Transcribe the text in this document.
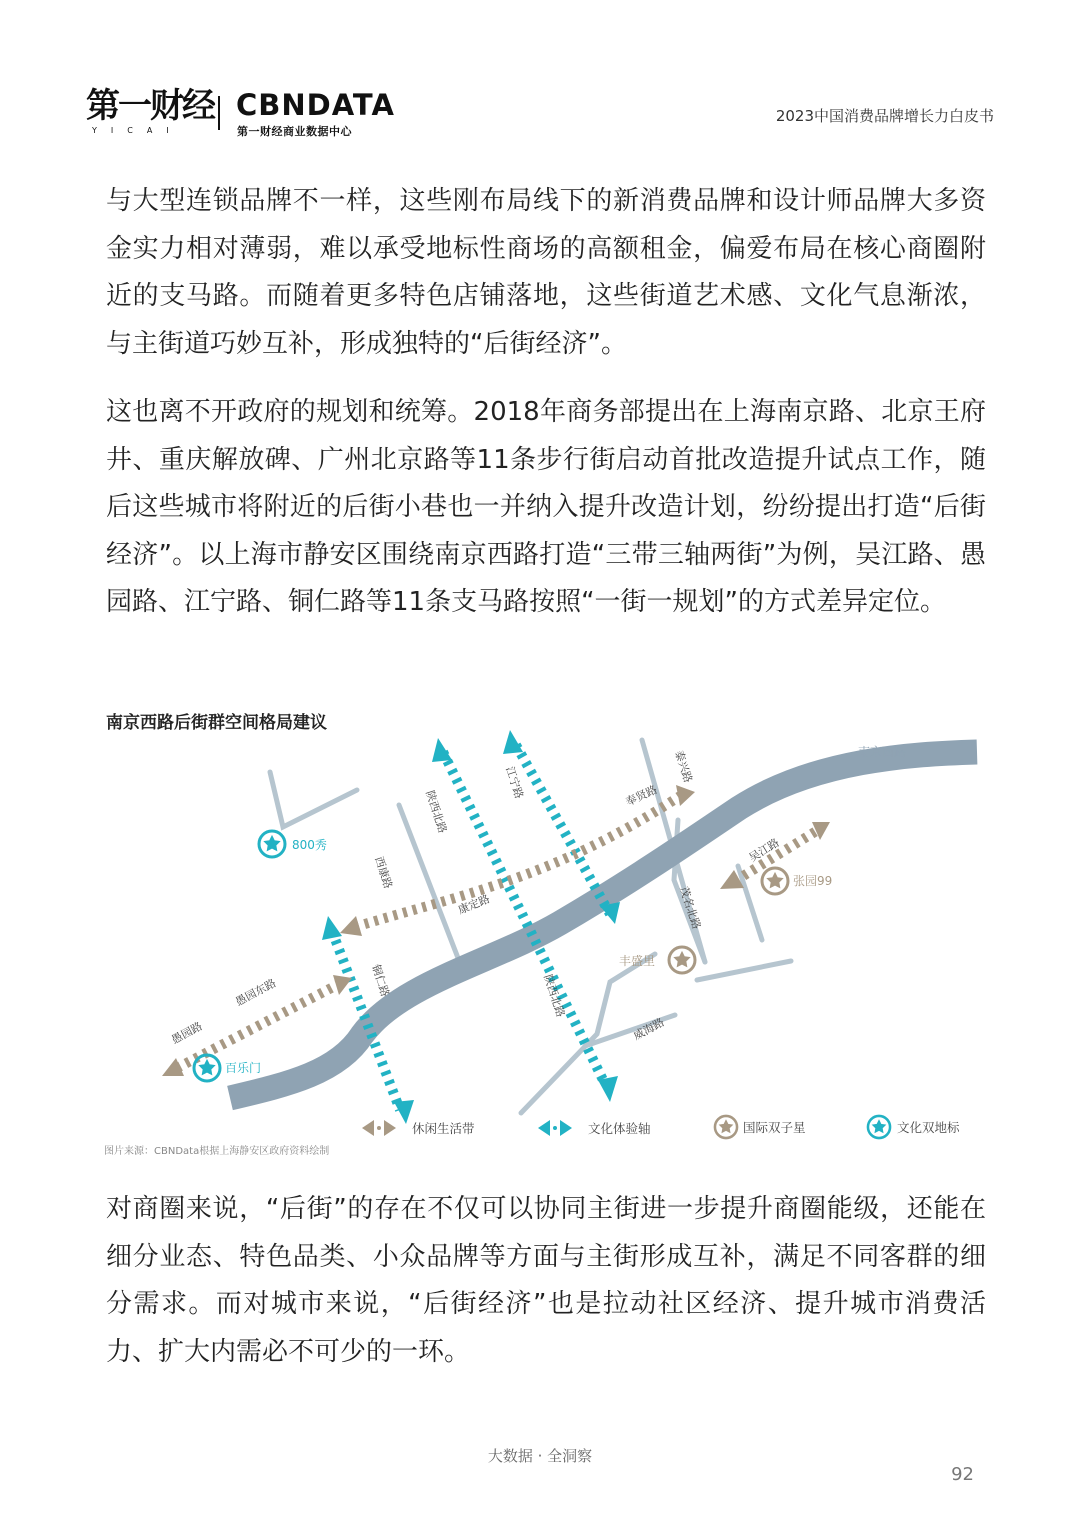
第一财经
YICAI
CBNDATA
第一财经商业数据中心
2023中国消费品牌增长力白皮书

与大型连锁品牌不一样，这些刚布局线下的新消费品牌和设计师品牌大多资金实力相对薄弱，难以承受地标性商场的高额租金，偏爱布局在核心商圈附近的支马路。而随着更多特色店铺落地，这些街道艺术感、文化气息渐浓，与主街道巧妙互补，形成独特的“后街经济”。

这也离不开政府的规划和统筹。2018年商务部提出在上海南京路、北京王府井、重庆解放碑、广州北京路等11条步行街启动首批改造提升试点工作，随后这些城市将附近的后街小巷也一并纳入提升改造计划，纷纷提出打造“后街经济”。以上海市静安区围绕南京西路打造“三带三轴两街”为例，吴江路、愚园路、江宁路、铜仁路等11条支马路按照“一街一规划”的方式差异定位。

南京西路后街群空间格局建议
南京西路
陕西北路
江宁路	奉贤路
泰兴路
吴江路
西康路
康定路	茂名北路
铜仁路
愚园东路
愚园路
陕西北路
威海路
800秀
张园99
丰盛里
百乐门
休闲生活带	文化体验轴	国际双子星	文化双地标
图片来源：CBNData根据上海静安区政府资料绘制

对商圈来说，“后街”的存在不仅可以协同主街进一步提升商圈能级，还能在细分业态、特色品类、小众品牌等方面与主街形成互补，满足不同客群的细分需求。而对城市来说，“后街经济”也是拉动社区经济、提升城市消费活力、扩大内需必不可少的一环。

大数据 · 全洞察
92
